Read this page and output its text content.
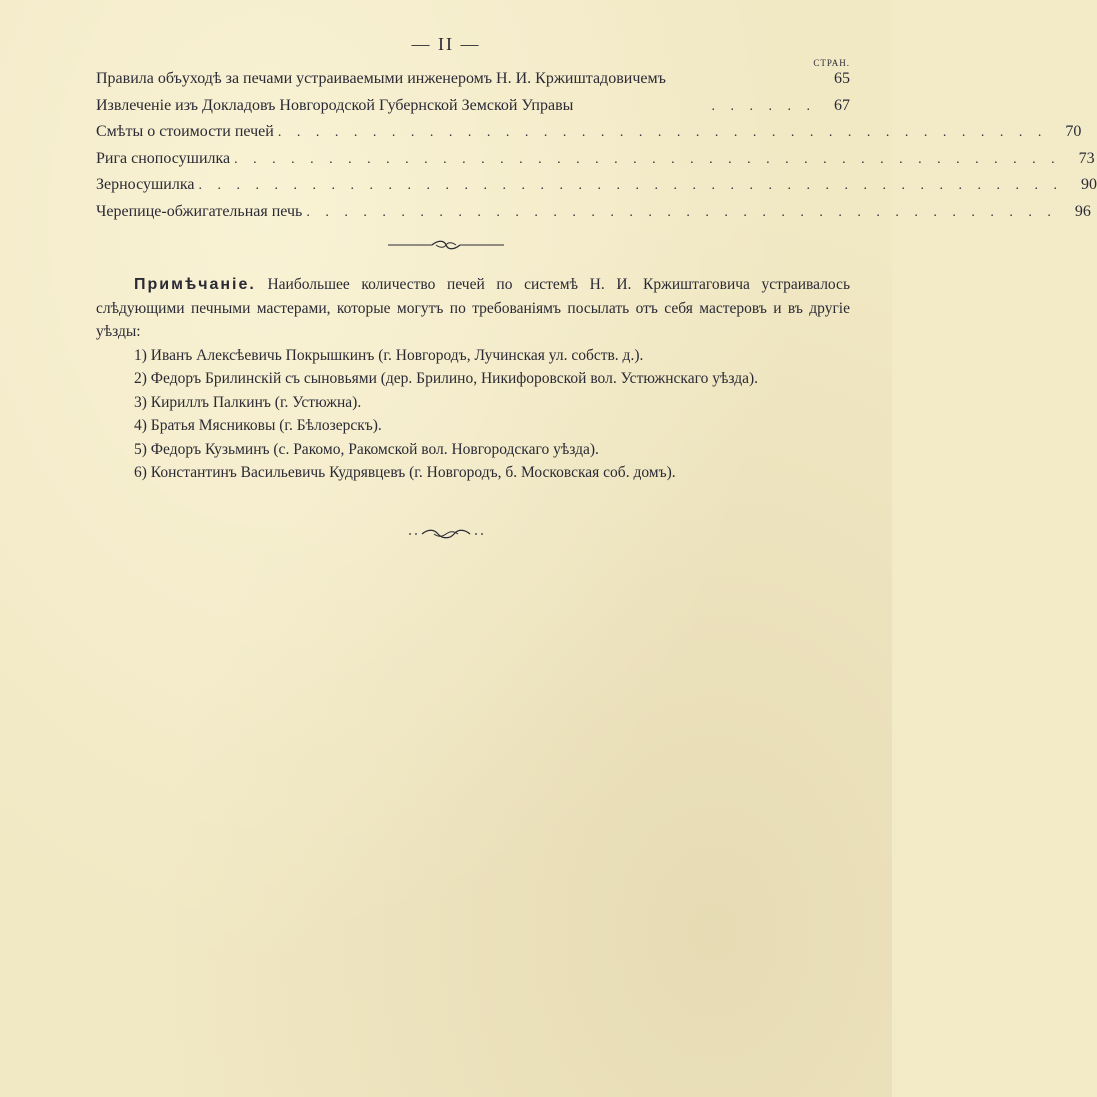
— II —
СТРАН.
Правила объуходѣ за печами устраиваемыми инженеромъ Н. И. Кржиштадовичемъ	65
Извлеченіе изъ Докладовъ Новгородской Губернской Земской Управы	. . . . . .	67
Смѣты о стоимости печей . . . . . . . . . . . . . . . . . . . . . . . . . . . . . . . . . . . . . . . . .	70
Рига снопосушилка . . . . . . . . . . . . . . . . . . . . . . . . . . . . . . . . . . . . . . . . . . . .	73
Зерносушилка . . . . . . . . . . . . . . . . . . . . . . . . . . . . . . . . . . . . . . . . . . . . . .	90
Черепице-обжигательная печь . . . . . . . . . . . . . . . . . . . . . . . . . . . . . . . . . . . . . . . .	96

Примѣчаніе. Наибольшее количество печей по системѣ Н. И. Кржиштаговича устраивалось слѣдующими печными мастерами, которые могутъ по требованіямъ посылать отъ себя мастеровъ и въ другіе уѣзды:

1) Иванъ Алексѣевичь Покрышкинъ (г. Новгородъ, Лучинская ул. собств. д.).

2) Федоръ Брилинскій съ сыновьями (дер. Брилино, Никифоровской вол. Устюжнскаго уѣзда).

3) Кириллъ Палкинъ (г. Устюжна).

4) Братья Мясниковы (г. Бѣлозерскъ).

5) Федоръ Кузьминъ (с. Ракомо, Ракомской вол. Новгородскаго уѣзда).

6) Константинъ Васильевичь Кудрявцевъ (г. Новгородъ, б. Московская соб. домъ).
